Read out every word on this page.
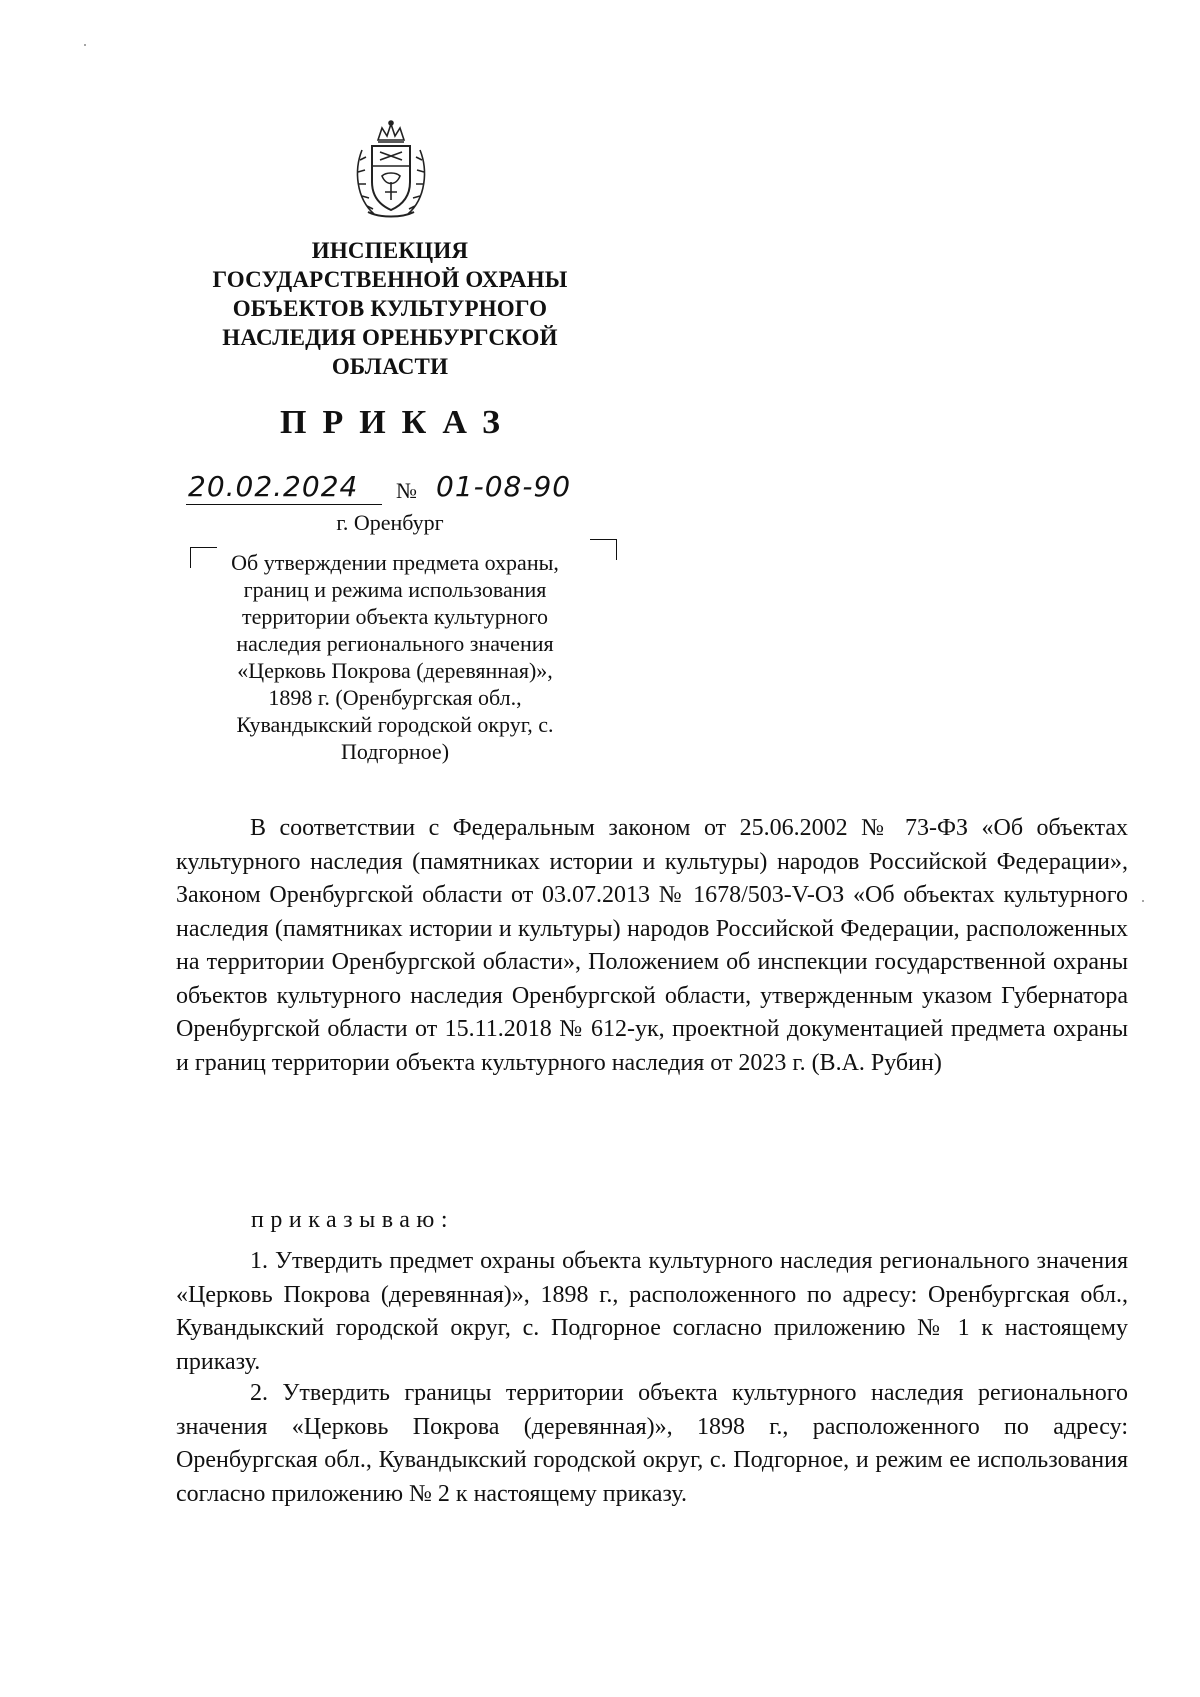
ИНСПЕКЦИЯ
ГОСУДАРСТВЕННОЙ ОХРАНЫ
ОБЪЕКТОВ КУЛЬТУРНОГО
НАСЛЕДИЯ ОРЕНБУРГСКОЙ
ОБЛАСТИ
ПРИКАЗ
20.02.2024 № 01-08-90
г. Оренбург
Об утверждении предмета охраны,
границ и режима использования
территории объекта культурного
наследия регионального значения
«Церковь Покрова (деревянная)»,
1898 г. (Оренбургская обл.,
Кувандыкский городской округ, с.
Подгорное)
В соответствии с Федеральным законом от 25.06.2002 № 73-ФЗ «Об объектах культурного наследия (памятниках истории и культуры) народов Российской Федерации», Законом Оренбургской области от 03.07.2013 № 1678/503-V-ОЗ «Об объектах культурного наследия (памятниках истории и культуры) народов Российской Федерации, расположенных на территории Оренбургской области», Положением об инспекции государственной охраны объектов культурного наследия Оренбургской области, утвержденным указом Губернатора Оренбургской области от 15.11.2018 № 612-ук, проектной документацией предмета охраны и границ территории объекта культурного наследия от 2023 г. (В.А. Рубин)
приказываю:
1. Утвердить предмет охраны объекта культурного наследия регионального значения «Церковь Покрова (деревянная)», 1898 г., расположенного по адресу: Оренбургская обл., Кувандыкский городской округ, с. Подгорное согласно приложению № 1 к настоящему приказу.
2. Утвердить границы территории объекта культурного наследия регионального значения «Церковь Покрова (деревянная)», 1898 г., расположенного по адресу: Оренбургская обл., Кувандыкский городской округ, с. Подгорное, и режим ее использования согласно приложению № 2 к настоящему приказу.
